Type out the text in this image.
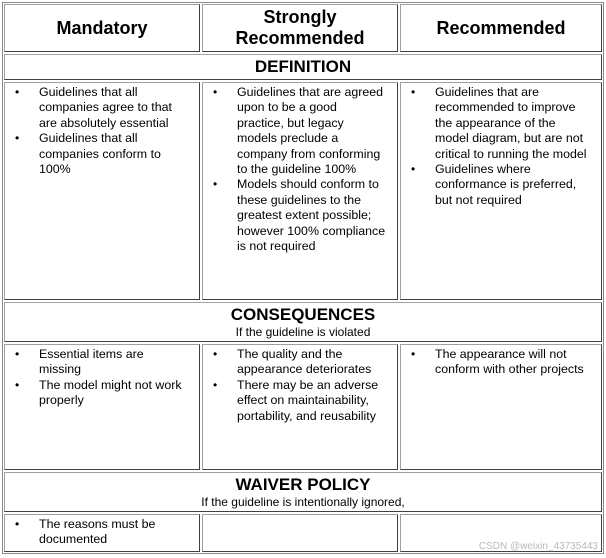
Mandatory
Strongly Recommended
Recommended
DEFINITION
• Guidelines that all companies agree to that are absolutely essential
• Guidelines that all companies conform to 100%
• Guidelines that are agreed upon to be a good practice, but legacy models preclude a company from conforming to the guideline 100%
• Models should conform to these guidelines to the greatest extent possible; however 100% compliance is not required
• Guidelines that are recommended to improve the appearance of the model diagram, but are not critical to running the model
• Guidelines where conformance is preferred, but not required
CONSEQUENCES
If the guideline is violated
• Essential items are missing
• The model might not work properly
• The quality and the appearance deteriorates
• There may be an adverse effect on maintainability, portability, and reusability
• The appearance will not conform with other projects
WAIVER POLICY
If the guideline is intentionally ignored,
• The reasons must be documented
CSDN @weixin_43735443
